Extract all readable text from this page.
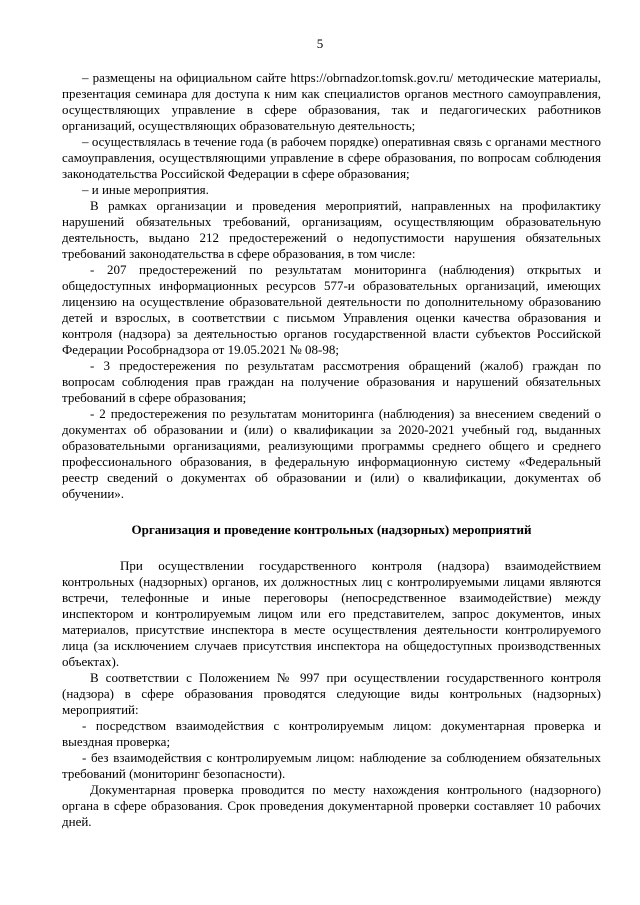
5

– размещены на официальном сайте https://obrnadzor.tomsk.gov.ru/ методические материалы, презентация семинара для доступа к ним как специалистов органов местного самоуправления, осуществляющих управление в сфере образования, так и педагогических работников организаций, осуществляющих образовательную деятельность;

– осуществлялась в течение года (в рабочем порядке) оперативная связь с органами местного самоуправления, осуществляющими управление в сфере образования, по вопросам соблюдения законодательства Российской Федерации в сфере образования;

– и иные мероприятия.

В рамках организации и проведения мероприятий, направленных на профилактику нарушений обязательных требований, организациям, осуществляющим образовательную деятельность, выдано 212 предостережений о недопустимости нарушения обязательных требований законодательства в сфере образования, в том числе:

- 207 предостережений по результатам мониторинга (наблюдения) открытых и общедоступных информационных ресурсов 577-и образовательных организаций, имеющих лицензию на осуществление образовательной деятельности по дополнительному образованию детей и взрослых, в соответствии с письмом Управления оценки качества образования и контроля (надзора) за деятельностью органов государственной власти субъектов Российской Федерации Рособрнадзора от 19.05.2021 № 08-98;

- 3 предостережения по результатам рассмотрения обращений (жалоб) граждан по вопросам соблюдения прав граждан на получение образования и нарушений обязательных требований в сфере образования;

- 2 предостережения по результатам мониторинга (наблюдения) за внесением сведений о документах об образовании и (или) о квалификации за 2020-2021 учебный год, выданных образовательными организациями, реализующими программы среднего общего и среднего профессионального образования, в федеральную информационную систему «Федеральный реестр сведений о документах об образовании и (или) о квалификации, документах об обучении».

Организация и проведение контрольных (надзорных) мероприятий

При осуществлении государственного контроля (надзора) взаимодействием контрольных (надзорных) органов, их должностных лиц с контролируемыми лицами являются встречи, телефонные и иные переговоры (непосредственное взаимодействие) между инспектором и контролируемым лицом или его представителем, запрос документов, иных материалов, присутствие инспектора в месте осуществления деятельности контролируемого лица (за исключением случаев присутствия инспектора на общедоступных производственных объектах).

В соответствии с Положением № 997 при осуществлении государственного контроля (надзора) в сфере образования проводятся следующие виды контрольных (надзорных) мероприятий:

- посредством взаимодействия с контролируемым лицом: документарная проверка и выездная проверка;

- без взаимодействия с контролируемым лицом: наблюдение за соблюдением обязательных требований (мониторинг безопасности).

Документарная проверка проводится по месту нахождения контрольного (надзорного) органа в сфере образования. Срок проведения документарной проверки составляет 10 рабочих дней.
